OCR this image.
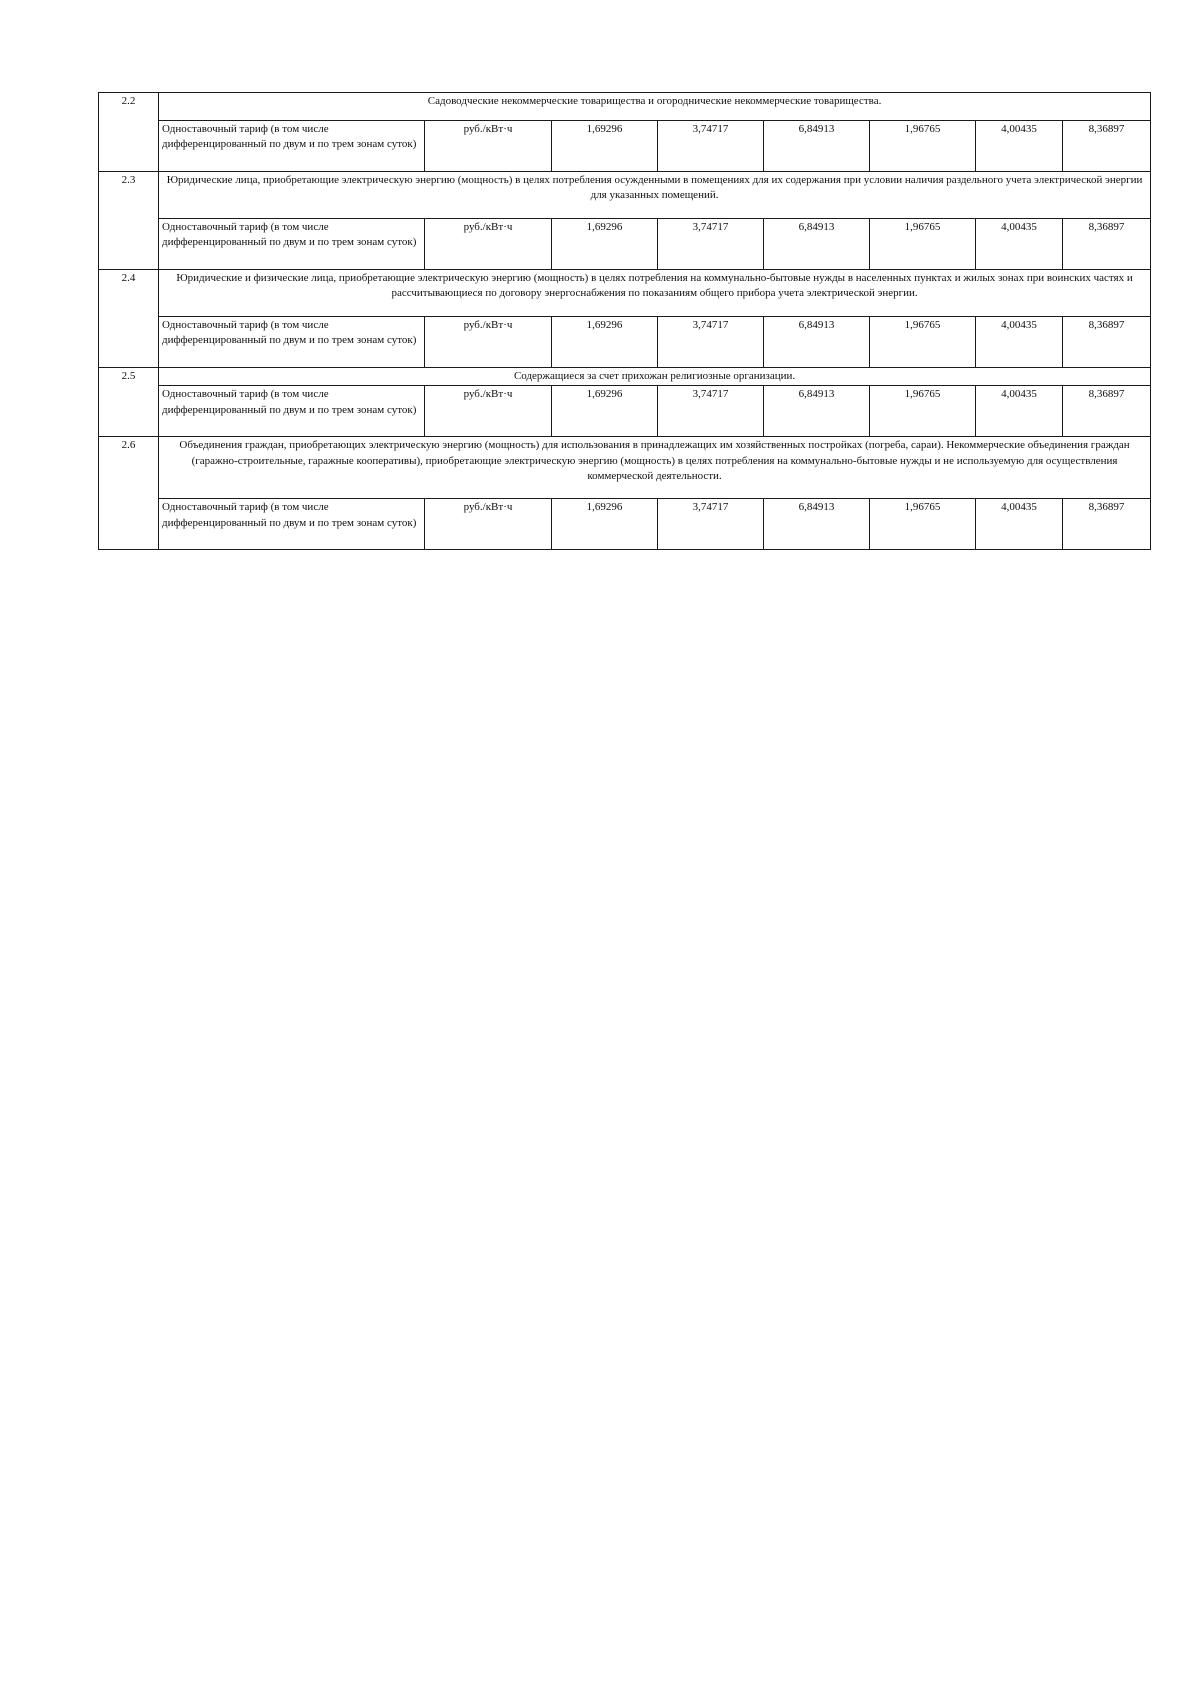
2.2	Садоводческие некоммерческие товарищества и огороднические некоммерческие товарищества.							
	Одноставочный тариф (в том числе дифференцированный по двум и по трем зонам суток)	руб./кВт·ч	1,69296	3,74717	6,84913	1,96765	4,00435	8,36897
2.3	Юридические лица, приобретающие электрическую энергию (мощность) в целях потребления осужденными в помещениях для их содержания при условии наличия раздельного учета электрической энергии для указанных помещений.							
	Одноставочный тариф (в том числе дифференцированный по двум и по трем зонам суток)	руб./кВт·ч	1,69296	3,74717	6,84913	1,96765	4,00435	8,36897
2.4	Юридические и физические лица, приобретающие электрическую энергию (мощность) в целях потребления на коммунально-бытовые нужды в населенных пунктах и жилых зонах при воинских частях и рассчитывающиеся по договору энергоснабжения по показаниям общего прибора учета электрической энергии.							
	Одноставочный тариф (в том числе дифференцированный по двум и по трем зонам суток)	руб./кВт·ч	1,69296	3,74717	6,84913	1,96765	4,00435	8,36897
2.5	Содержащиеся за счет прихожан религиозные организации.							
	Одноставочный тариф (в том числе дифференцированный по двум и по трем зонам суток)	руб./кВт·ч	1,69296	3,74717	6,84913	1,96765	4,00435	8,36897
2.6	Объединения граждан, приобретающих электрическую энергию (мощность) для использования в принадлежащих им хозяйственных постройках (погреба, сараи). Некоммерческие объединения граждан (гаражно-строительные, гаражные кооперативы), приобретающие электрическую энергию (мощность) в целях потребления на коммунально-бытовые нужды и не используемую для осуществления коммерческой деятельности.							
	Одноставочный тариф (в том числе дифференцированный по двум и по трем зонам суток)	руб./кВт·ч	1,69296	3,74717	6,84913	1,96765	4,00435	8,36897
